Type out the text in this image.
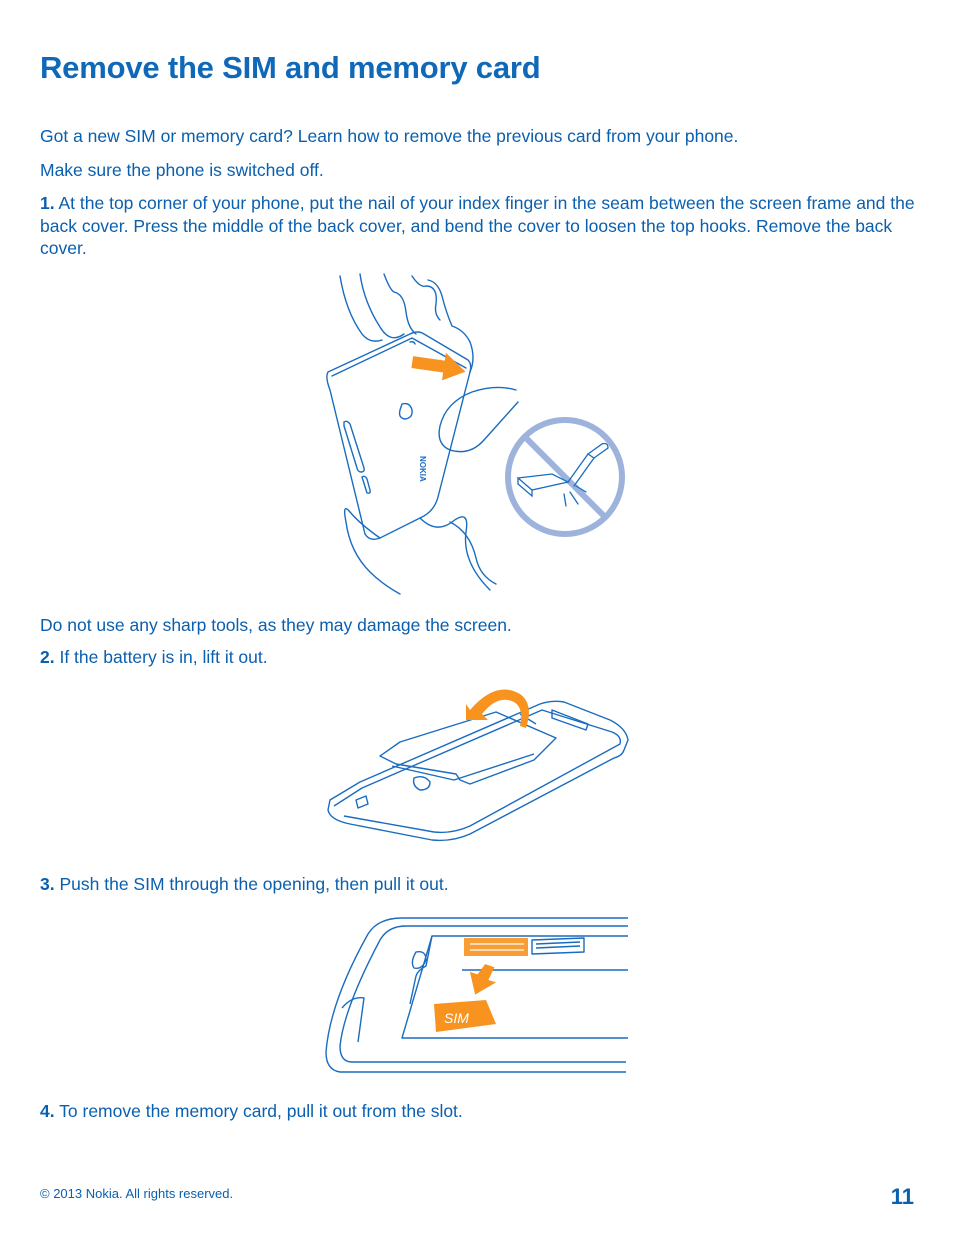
Remove the SIM and memory card

Got a new SIM or memory card? Learn how to remove the previous card from your phone.

Make sure the phone is switched off.

1. At the top corner of your phone, put the nail of your index finger in the seam between the screen frame and the back cover. Press the middle of the back cover, and bend the cover to loosen the top hooks. Remove the back cover.

NOKIA

Do not use any sharp tools, as they may damage the screen.

2. If the battery is in, lift it out.

3. Push the SIM through the opening, then pull it out.

SIM

4. To remove the memory card, pull it out from the slot.

© 2013 Nokia. All rights reserved.	11
